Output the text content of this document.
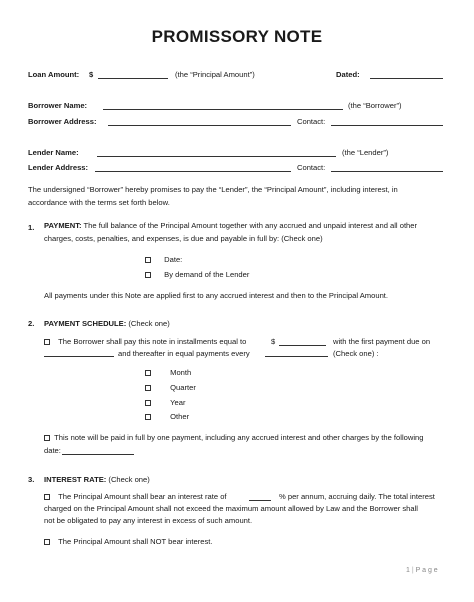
PROMISSORY NOTE
Loan Amount: $	(the “Principal Amount”)	Dated:
Borrower Name:	(the “Borrower”)
Borrower Address:	Contact:
Lender Name:	(the “Lender”)
Lender Address:	Contact:
The undersigned “Borrower” hereby promises to pay the “Lender”, the “Principal Amount”, including interest, in
accordance with the terms set forth below.
1. PAYMENT: The full balance of the Principal Amount together with any accrued and unpaid interest and all other
charges, costs, penalties, and expenses, is due and payable in full by: (Check one)
Date:
By demand of the Lender
All payments under this Note are applied first to any accrued interest and then to the Principal Amount.
2. PAYMENT SCHEDULE: (Check one)
The Borrower shall pay this note in installments equal to	$	with the first payment due on
and thereafter in equal payments every	(Check one) :
Month
Quarter
Year
Other
This note will be paid in full by one payment, including any accrued interest and other charges by the following
date:
3. INTEREST RATE: (Check one)
The Principal Amount shall bear an interest rate of	% per annum, accruing daily. The total interest
charged on the Principal Amount shall not exceed the maximum amount allowed by Law and the Borrower shall
not be obligated to pay any interest in excess of such amount.
The Principal Amount shall NOT bear interest.
1 | P a g e
